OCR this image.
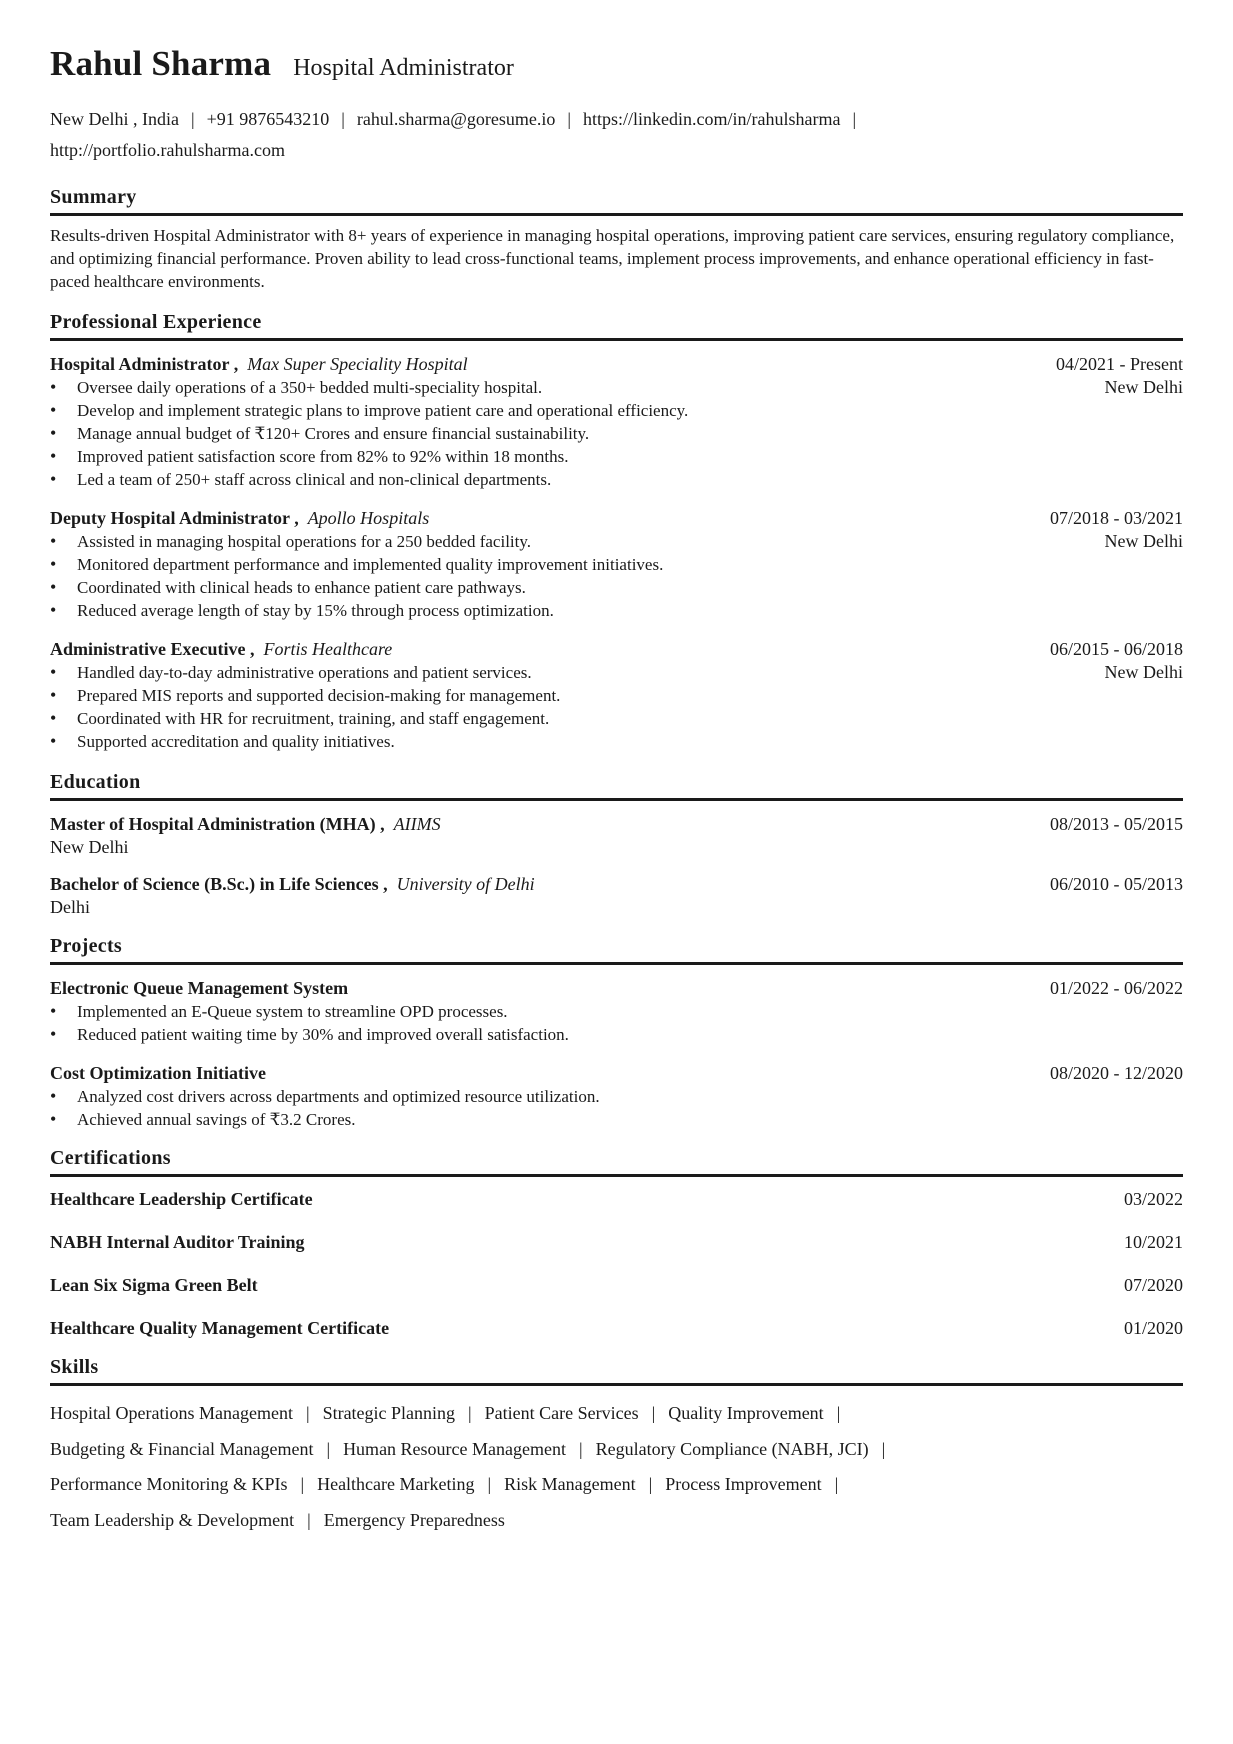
Rahul Sharma Hospital Administrator
New Delhi , India | +91 9876543210 | rahul.sharma@goresume.io | https://linkedin.com/in/rahulsharma |
http://portfolio.rahulsharma.com
Summary
Results-driven Hospital Administrator with 8+ years of experience in managing hospital operations, improving patient care services, ensuring regulatory compliance, and optimizing financial performance. Proven ability to lead cross-functional teams, implement process improvements, and enhance operational efficiency in fast-paced healthcare environments.
Professional Experience
Hospital Administrator ,  Max Super Speciality Hospital	04/2021 - Present
• Oversee daily operations of a 350+ bedded multi-speciality hospital.
• Develop and implement strategic plans to improve patient care and operational efficiency.
• Manage annual budget of ₹120+ Crores and ensure financial sustainability.
• Improved patient satisfaction score from 82% to 92% within 18 months.
• Led a team of 250+ staff across clinical and non-clinical departments.
New Delhi
Deputy Hospital Administrator ,  Apollo Hospitals	07/2018 - 03/2021
• Assisted in managing hospital operations for a 250 bedded facility.
• Monitored department performance and implemented quality improvement initiatives.
• Coordinated with clinical heads to enhance patient care pathways.
• Reduced average length of stay by 15% through process optimization.
New Delhi
Administrative Executive ,  Fortis Healthcare	06/2015 - 06/2018
• Handled day-to-day administrative operations and patient services.
• Prepared MIS reports and supported decision-making for management.
• Coordinated with HR for recruitment, training, and staff engagement.
• Supported accreditation and quality initiatives.
New Delhi
Education
Master of Hospital Administration (MHA) ,  AIIMS	08/2013 - 05/2015
New Delhi
Bachelor of Science (B.Sc.) in Life Sciences ,  University of Delhi	06/2010 - 05/2013
Delhi
Projects
Electronic Queue Management System	01/2022 - 06/2022
• Implemented an E-Queue system to streamline OPD processes.
• Reduced patient waiting time by 30% and improved overall satisfaction.
Cost Optimization Initiative	08/2020 - 12/2020
• Analyzed cost drivers across departments and optimized resource utilization.
• Achieved annual savings of ₹3.2 Crores.
Certifications
Healthcare Leadership Certificate	03/2022
NABH Internal Auditor Training	10/2021
Lean Six Sigma Green Belt	07/2020
Healthcare Quality Management Certificate	01/2020
Skills
Hospital Operations Management | Strategic Planning | Patient Care Services | Quality Improvement |
Budgeting & Financial Management | Human Resource Management | Regulatory Compliance (NABH, JCI) |
Performance Monitoring & KPIs | Healthcare Marketing | Risk Management | Process Improvement |
Team Leadership & Development | Emergency Preparedness
